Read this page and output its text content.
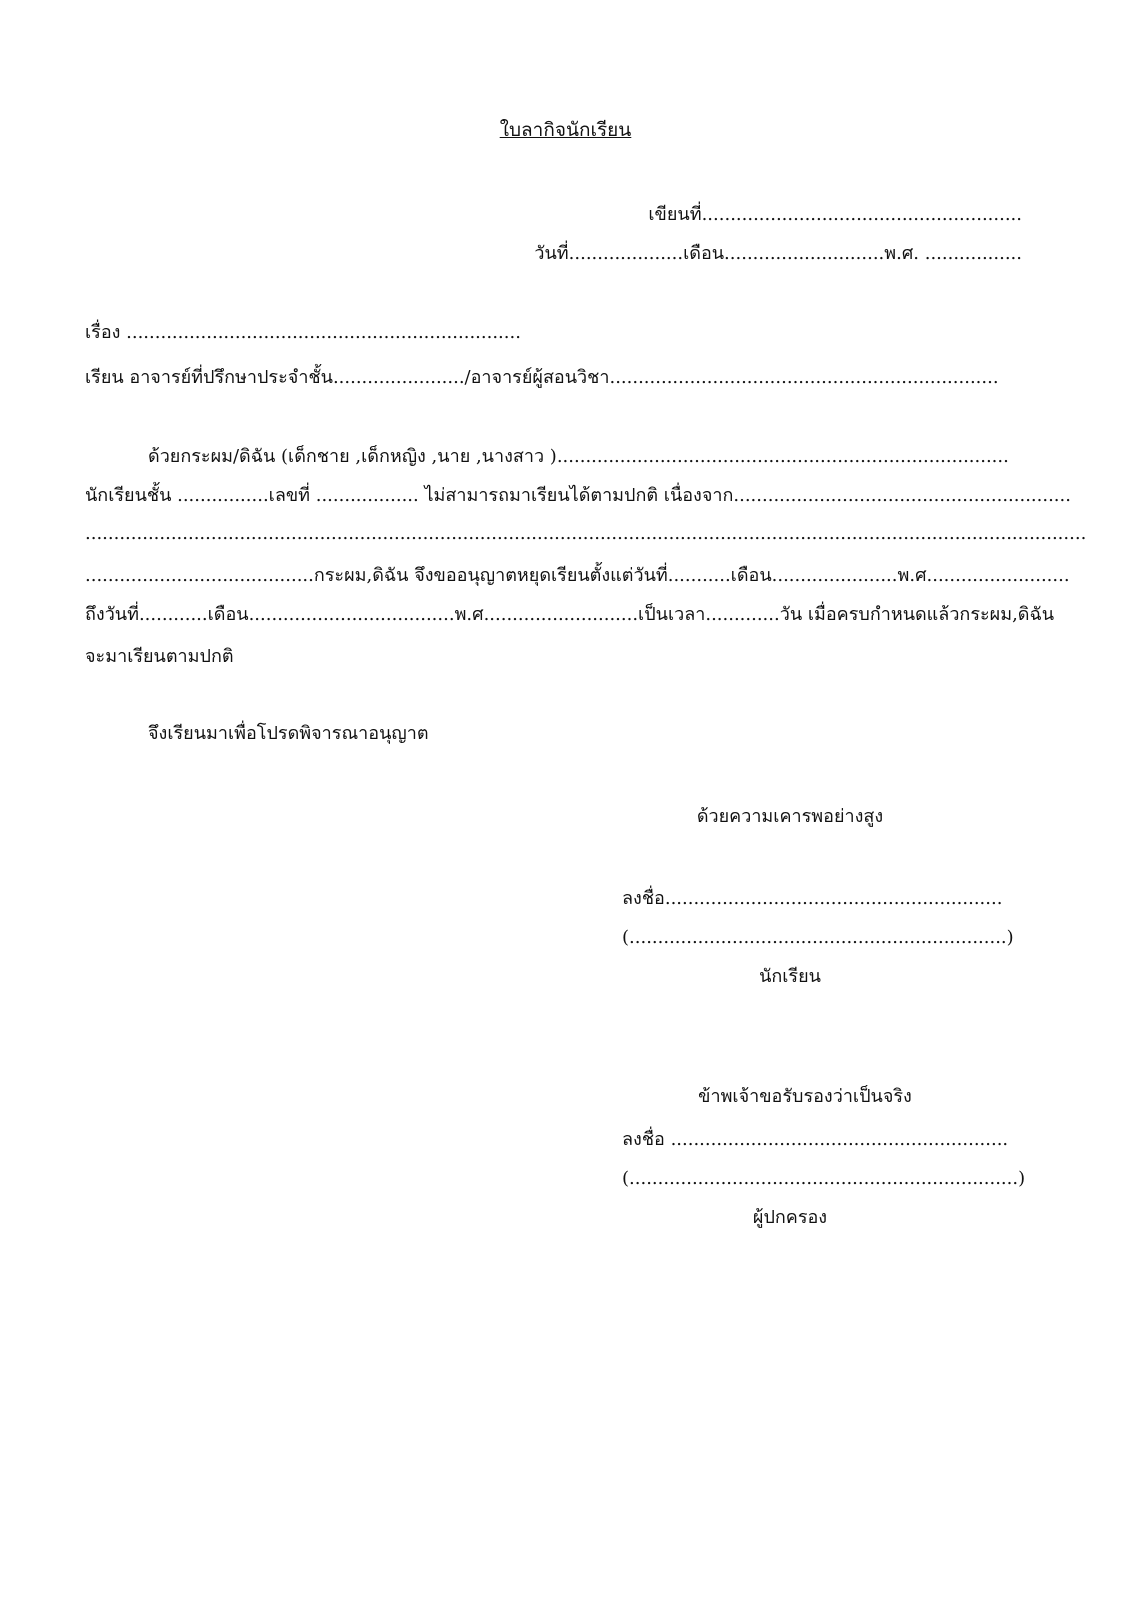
ใบลากิจนักเรียน
เขียนที่........................................................
วันที่....................เดือน............................พ.ศ. .................
เรื่อง .....................................................................
เรียน อาจารย์ที่ปรึกษาประจำชั้น......................./อาจารย์ผู้สอนวิชา....................................................................
ด้วยกระผม/ดิฉัน (เด็กชาย ,เด็กหญิง ,นาย ,นางสาว )...............................................................................
นักเรียนชั้น ................เลขที่ .................. ไม่สามารถมาเรียนได้ตามปกติ เนื่องจาก...........................................................
...............................................................................................................................................................................
........................................กระผม,ดิฉัน จึงขออนุญาตหยุดเรียนตั้งแต่วันที่...........เดือน......................พ.ศ.........................
ถึงวันที่............เดือน....................................พ.ศ...........................เป็นเวลา.............วัน เมื่อครบกำหนดแล้วกระผม,ดิฉัน
จะมาเรียนตามปกติ
จึงเรียนมาเพื่อโปรดพิจารณาอนุญาต
ด้วยความเคารพอย่างสูง
ลงชื่อ...........................................................
(..................................................................)
นักเรียน
ข้าพเจ้าขอรับรองว่าเป็นจริง
ลงชื่อ ...........................................................
(....................................................................)
ผู้ปกครอง
